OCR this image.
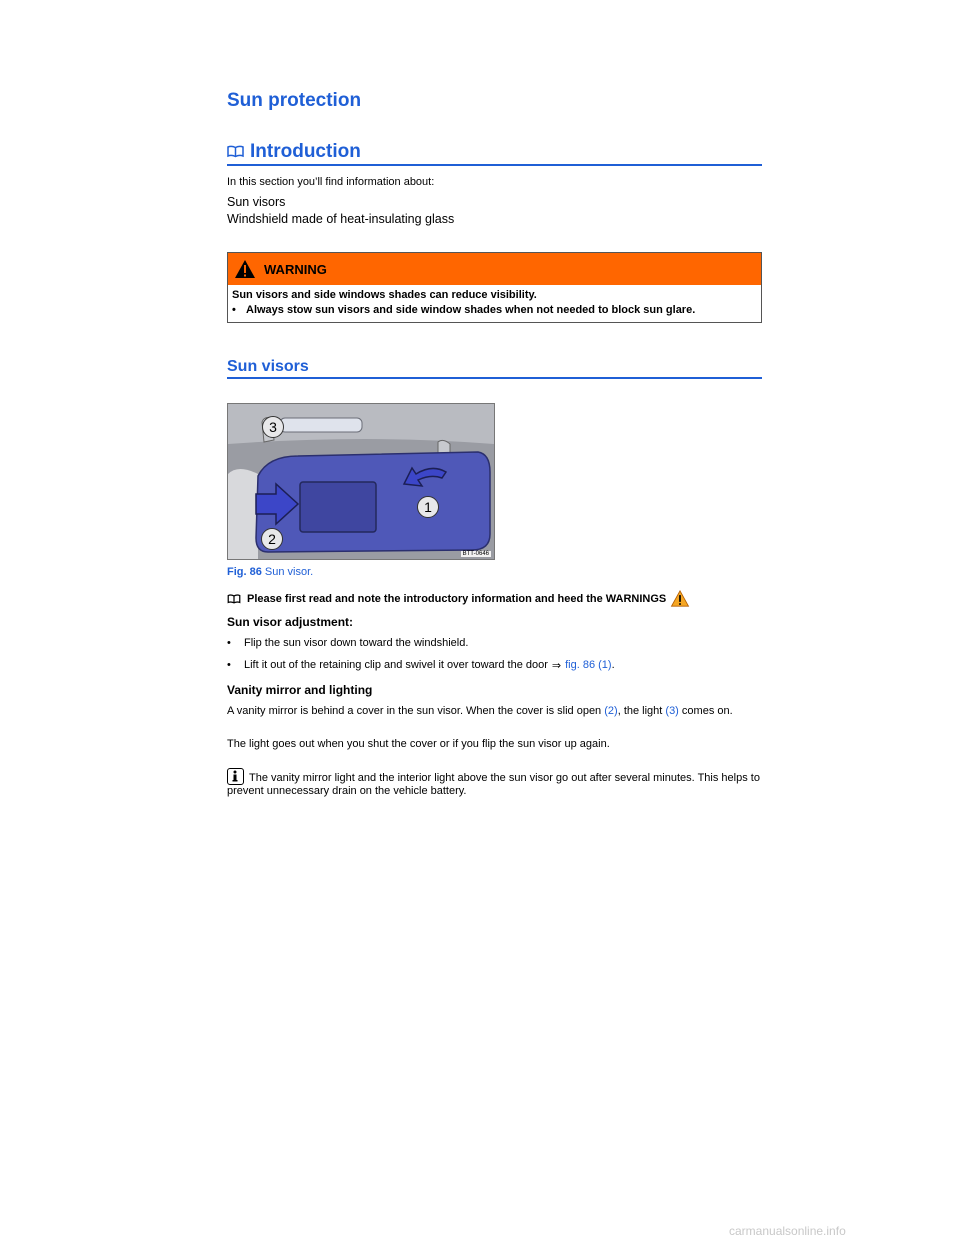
Sun protection
Introduction
In this section you’ll find information about:
Sun visors
Windshield made of heat-insulating glass
WARNING
Sun visors and side windows shades can reduce visibility.
• Always stow sun visors and side window shades when not needed to block sun glare.
Sun visors
3
1
2
BTT-0646
Fig. 86 Sun visor.
Please first read and note the introductory information and heed the WARNINGS
Sun visor adjustment:
•	Flip the sun visor down toward the windshield.
•	Lift it out of the retaining clip and swivel it over toward the door ⇒ fig. 86 (1) .
Vanity mirror and lighting
A vanity mirror is behind a cover in the sun visor. When the cover is slid open (2), the light (3) comes on.
The light goes out when you shut the cover or if you flip the sun visor up again.
The vanity mirror light and the interior light above the sun visor go out after several minutes. This helps to prevent unnecessary drain on the vehicle battery.
carmanualsonline.info
